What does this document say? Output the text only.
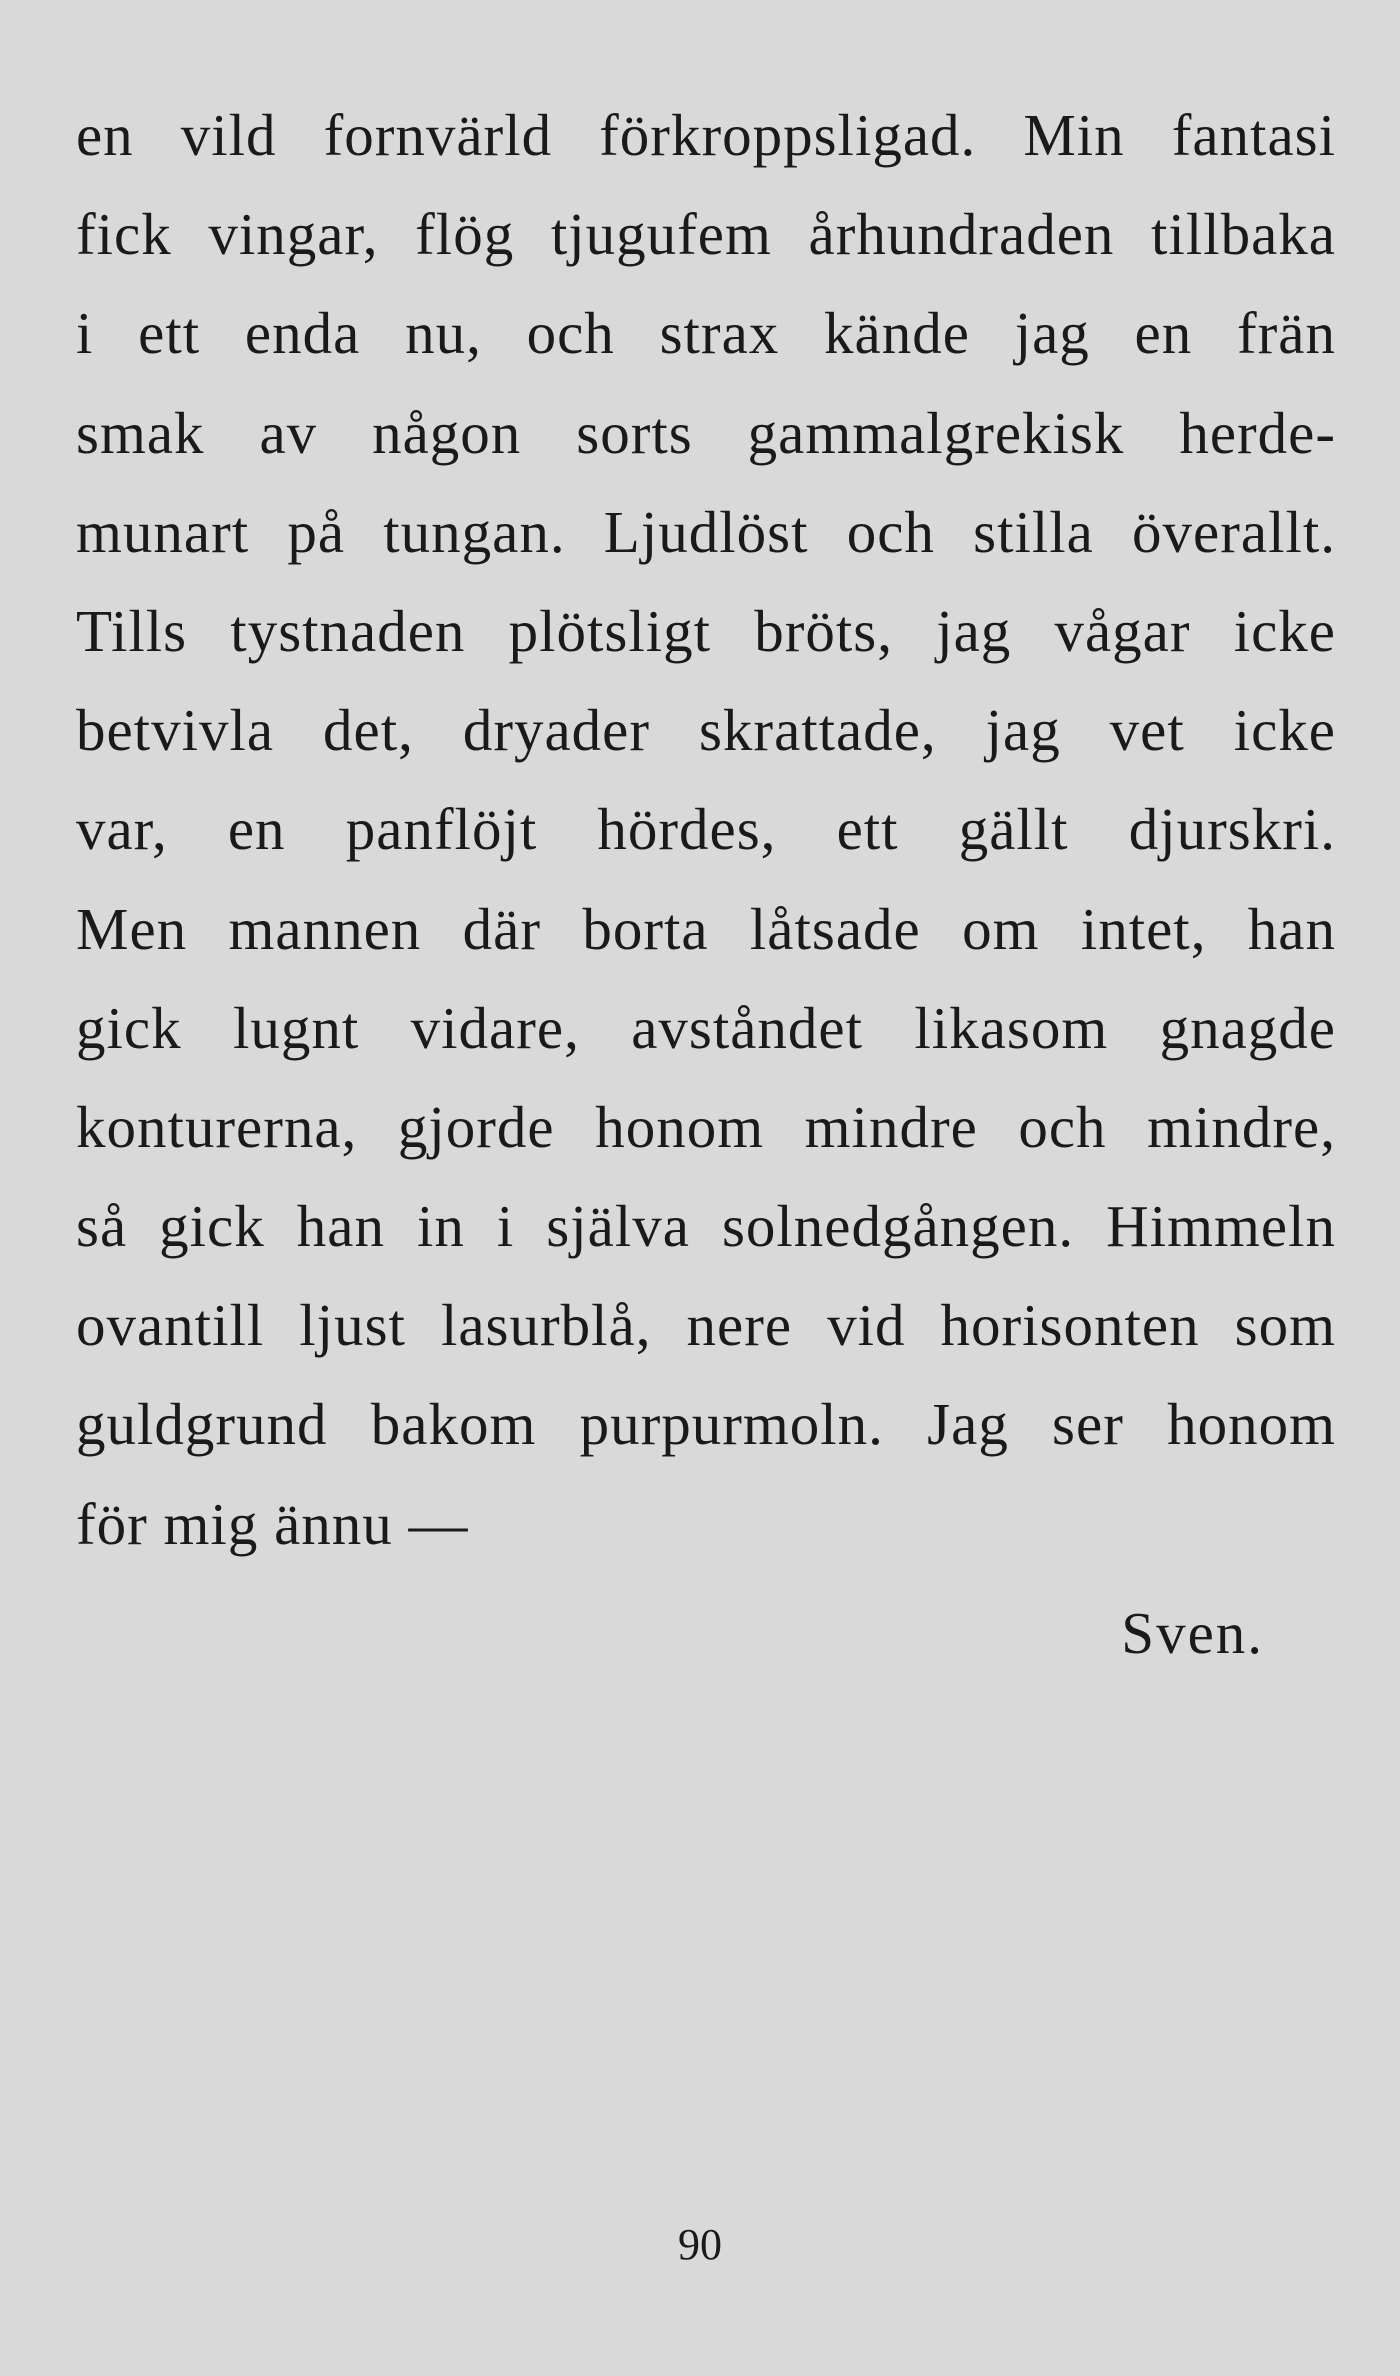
en vild fornvärld förkroppsligad. Min fantasi
fick vingar, flög tjugufem århundraden tillbaka
i ett enda nu, och strax kände jag en frän
smak av någon sorts gammalgrekisk herde-
munart på tungan. Ljudlöst och stilla överallt.
Tills tystnaden plötsligt bröts, jag vågar icke
betvivla det, dryader skrattade, jag vet icke
var, en panflöjt hördes, ett gällt djurskri.
Men mannen där borta låtsade om intet, han
gick lugnt vidare, avståndet likasom gnagde
konturerna, gjorde honom mindre och mindre,
så gick han in i själva solnedgången. Himmeln
ovantill ljust lasurblå, nere vid horisonten som
guldgrund bakom purpurmoln. Jag ser honom
för mig ännu —
Sven.
90
